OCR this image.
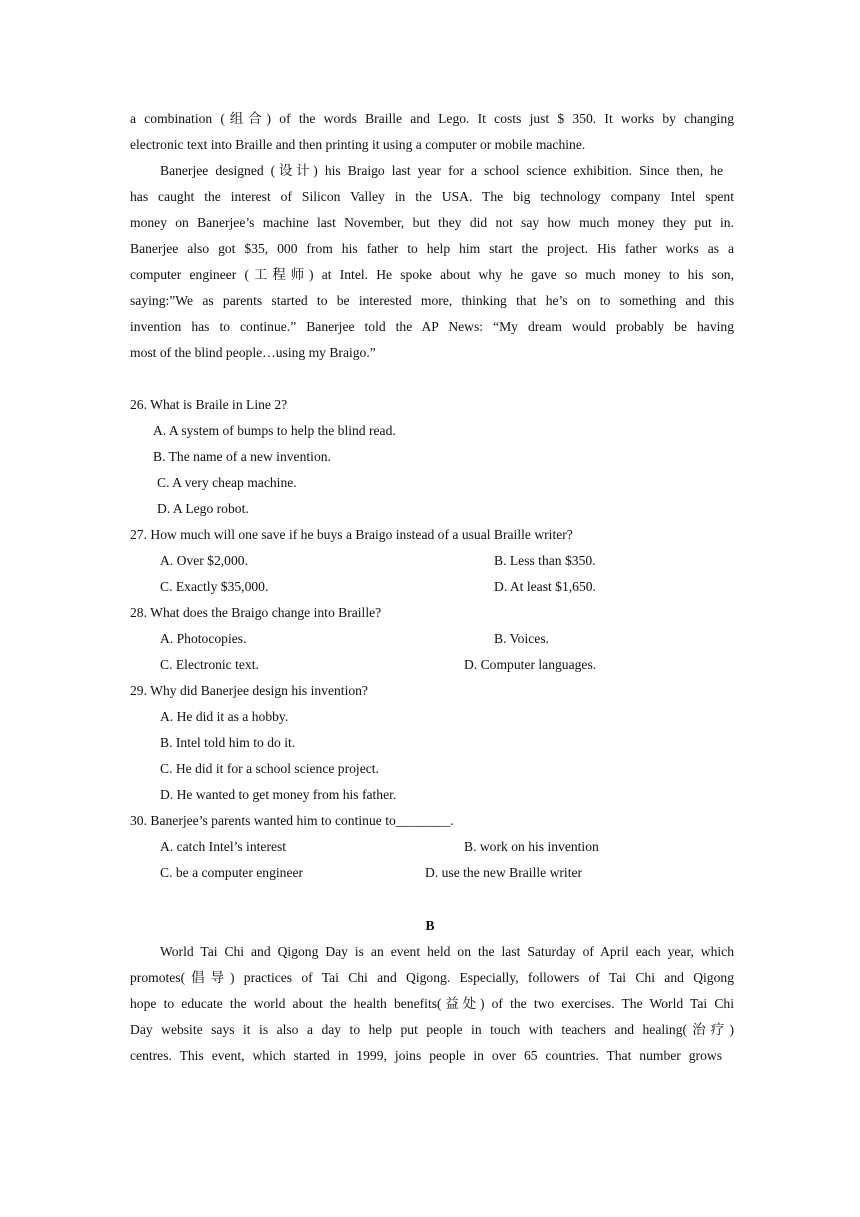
a combination (组合) of the words Braille and Lego. It costs just $ 350. It works by changing
electronic text into Braille and then printing it using a computer or mobile machine.
Banerjee designed (设计) his Braigo last year for a school science exhibition. Since then, he
has caught the interest of Silicon Valley in the USA. The big technology company Intel spent
money on Banerjee’s machine last November, but they did not say how much money they put in.
Banerjee also got $35, 000 from his father to help him start the project. His father works as a
computer engineer (工程师) at Intel. He spoke about why he gave so much money to his son,
saying:”We as parents started to be interested more, thinking that he’s on to something and this
invention has to continue.” Banerjee told the AP News: “My dream would probably be having
most of the blind people…using my Braigo.”
26. What is Braile in Line 2?
A. A system of bumps to help the blind read.
B. The name of a new invention.
C. A very cheap machine.
D. A Lego robot.
27. How much will one save if he buys a Braigo instead of a usual Braille writer?
A. Over $2,000.	B. Less than $350.
C. Exactly $35,000.	D. At least $1,650.
28. What does the Braigo change into Braille?
A. Photocopies.	B. Voices.
C. Electronic text.	D. Computer languages.
29. Why did Banerjee design his invention?
A. He did it as a hobby.
B. Intel told him to do it.
C. He did it for a school science project.
D. He wanted to get money from his father.
30. Banerjee’s parents wanted him to continue to________.
A. catch Intel’s interest	B. work on his invention
C. be a computer engineer	D. use the new Braille writer
B
World Tai Chi and Qigong Day is an event held on the last Saturday of April each year, which
promotes(倡导) practices of Tai Chi and Qigong. Especially, followers of Tai Chi and Qigong
hope to educate the world about the health benefits(益处) of the two exercises. The World Tai Chi
Day website says it is also a day to help put people in touch with teachers and healing(治疗)
centres. This event, which started in 1999, joins people in over 65 countries. That number grows
